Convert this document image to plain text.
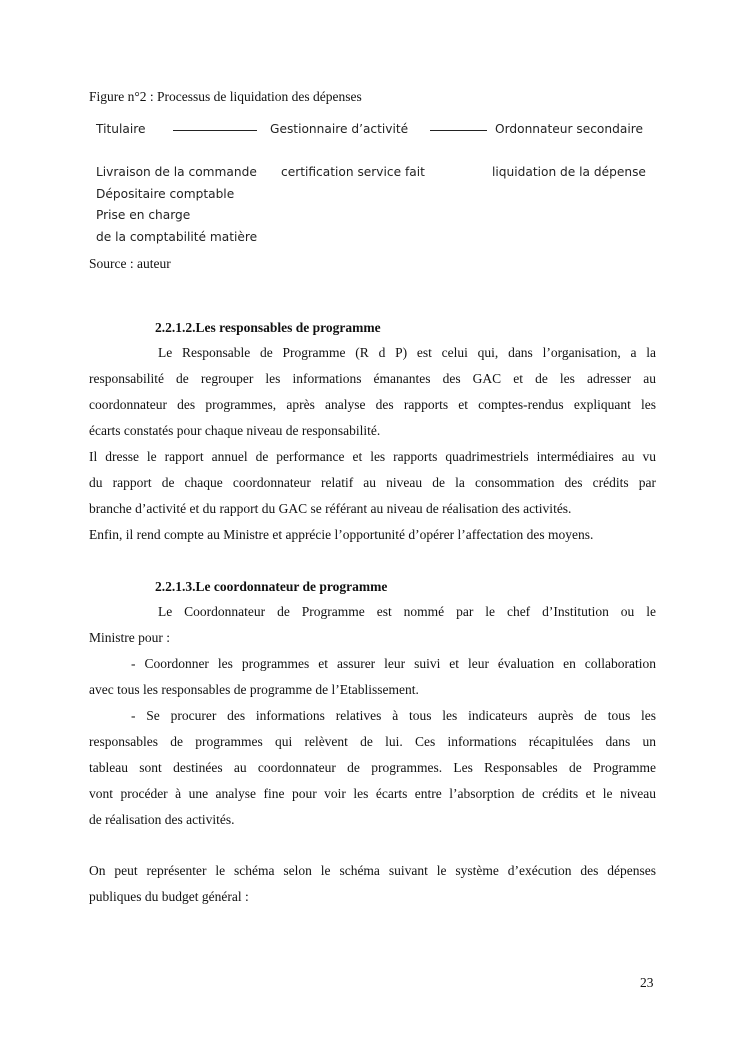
Figure n°2 : Processus de liquidation des dépenses
Titulaire	Gestionnaire d’activité	Ordonnateur secondaire
Livraison de la commande
Dépositaire comptable
Prise en charge
de la comptabilité matière
certification service fait	liquidation de la dépense
Source : auteur
2.2.1.2.Les responsables de programme
Le Responsable de Programme (R d P) est celui qui, dans l’organisation, a la
responsabilité de regrouper les informations émanantes des GAC et de les adresser au
coordonnateur des programmes, après analyse des rapports et comptes-rendus expliquant les
écarts constatés pour chaque niveau de responsabilité.
Il dresse le rapport annuel de performance et les rapports quadrimestriels intermédiaires au vu
du rapport de chaque coordonnateur relatif au niveau de la consommation des crédits par
branche d’activité et du rapport du GAC se référant au niveau de réalisation des activités.
Enfin, il rend compte au Ministre et apprécie l’opportunité d’opérer l’affectation des moyens.
2.2.1.3.Le coordonnateur de programme
Le Coordonnateur de Programme est nommé par le chef d’Institution ou le
Ministre pour :
- Coordonner les programmes et assurer leur suivi et leur évaluation en collaboration
avec tous les responsables de programme de l’Etablissement.
- Se procurer des informations relatives à tous les indicateurs auprès de tous les
responsables de programmes qui relèvent de lui. Ces informations récapitulées dans un
tableau sont destinées au coordonnateur de programmes. Les Responsables de Programme
vont procéder à une analyse fine pour voir les écarts entre l’absorption de crédits et le niveau
de réalisation des activités.
On peut représenter le schéma selon le schéma suivant le système d’exécution des dépenses
publiques du budget général :
23
